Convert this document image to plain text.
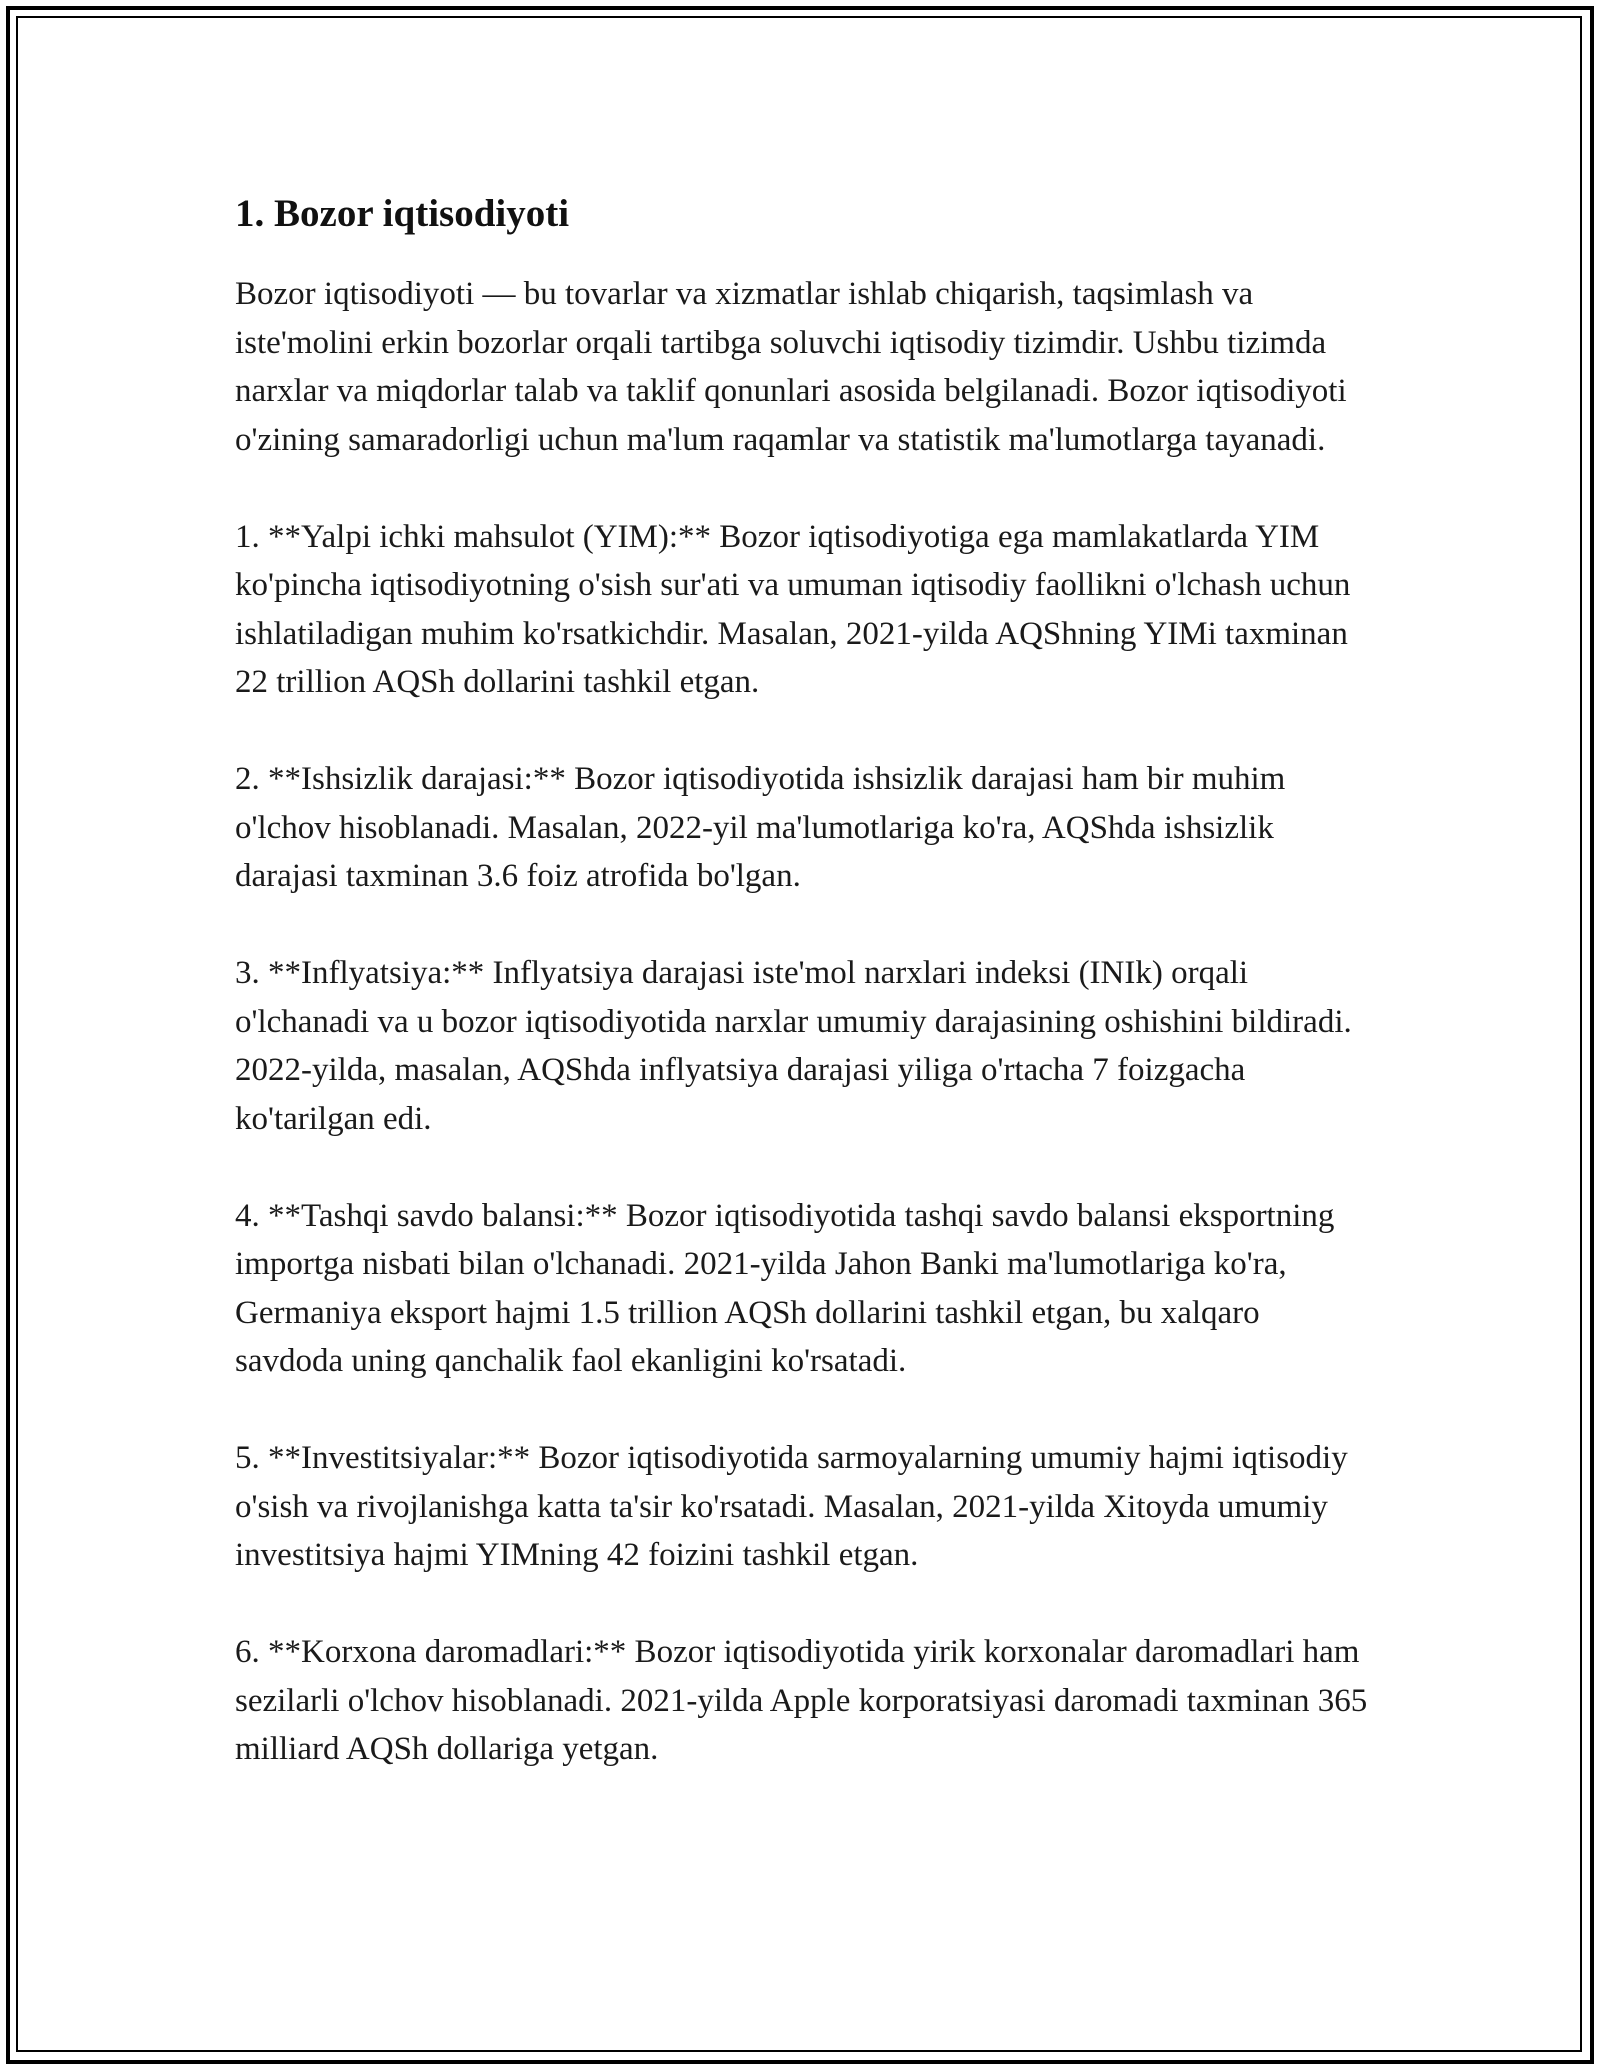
1. Bozor iqtisodiyoti

Bozor iqtisodiyoti — bu tovarlar va xizmatlar ishlab chiqarish, taqsimlash va iste'molini erkin bozorlar orqali tartibga soluvchi iqtisodiy tizimdir. Ushbu tizimda narxlar va miqdorlar talab va taklif qonunlari asosida belgilanadi. Bozor iqtisodiyoti o'zining samaradorligi uchun ma'lum raqamlar va statistik ma'lumotlarga tayanadi.

1. **Yalpi ichki mahsulot (YIM):** Bozor iqtisodiyotiga ega mamlakatlarda YIM ko'pincha iqtisodiyotning o'sish sur'ati va umuman iqtisodiy faollikni o'lchash uchun ishlatiladigan muhim ko'rsatkichdir. Masalan, 2021-yilda AQShning YIMi taxminan 22 trillion AQSh dollarini tashkil etgan.

2. **Ishsizlik darajasi:** Bozor iqtisodiyotida ishsizlik darajasi ham bir muhim o'lchov hisoblanadi. Masalan, 2022-yil ma'lumotlariga ko'ra, AQShda ishsizlik darajasi taxminan 3.6 foiz atrofida bo'lgan.

3. **Inflyatsiya:** Inflyatsiya darajasi iste'mol narxlari indeksi (INIk) orqali o'lchanadi va u bozor iqtisodiyotida narxlar umumiy darajasining oshishini bildiradi. 2022-yilda, masalan, AQShda inflyatsiya darajasi yiliga o'rtacha 7 foizgacha ko'tarilgan edi.

4. **Tashqi savdo balansi:** Bozor iqtisodiyotida tashqi savdo balansi eksportning importga nisbati bilan o'lchanadi. 2021-yilda Jahon Banki ma'lumotlariga ko'ra, Germaniya eksport hajmi 1.5 trillion AQSh dollarini tashkil etgan, bu xalqaro savdoda uning qanchalik faol ekanligini ko'rsatadi.

5. **Investitsiyalar:** Bozor iqtisodiyotida sarmoyalarning umumiy hajmi iqtisodiy o'sish va rivojlanishga katta ta'sir ko'rsatadi. Masalan, 2021-yilda Xitoyda umumiy investitsiya hajmi YIMning 42 foizini tashkil etgan.

6. **Korxona daromadlari:** Bozor iqtisodiyotida yirik korxonalar daromadlari ham sezilarli o'lchov hisoblanadi. 2021-yilda Apple korporatsiyasi daromadi taxminan 365 milliard AQSh dollariga yetgan.
